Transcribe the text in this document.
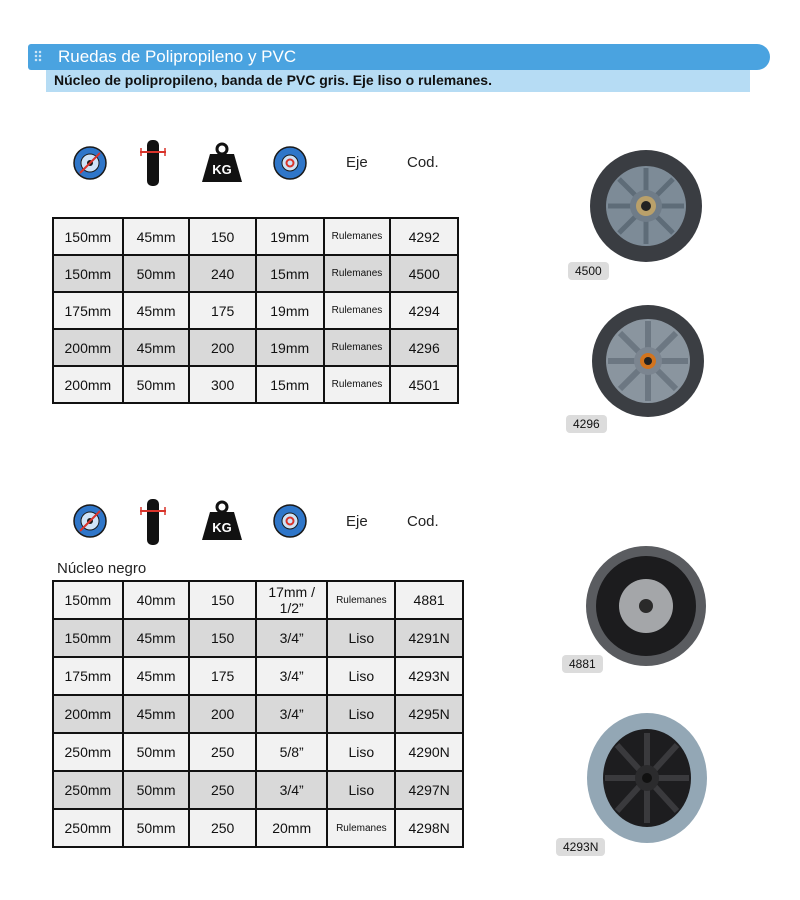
Ruedas de Polipropileno y PVC
Núcleo de polipropileno, banda de PVC gris. Eje liso o rulemanes.
KG	Eje	Cod.
150mm	45mm	150	19mm	Rulemanes	4292
150mm	50mm	240	15mm	Rulemanes	4500
175mm	45mm	175	19mm	Rulemanes	4294
200mm	45mm	200	19mm	Rulemanes	4296
200mm	50mm	300	15mm	Rulemanes	4501
KG	Eje	Cod.
Núcleo negro
150mm	40mm	150	17mm / 1/2”	Rulemanes	4881
150mm	45mm	150	3/4”	Liso	4291N
175mm	45mm	175	3/4”	Liso	4293N
200mm	45mm	200	3/4”	Liso	4295N
250mm	50mm	250	5/8”	Liso	4290N
250mm	50mm	250	3/4”	Liso	4297N
250mm	50mm	250	20mm	Rulemanes	4298N
4500
4296
4881
4293N
